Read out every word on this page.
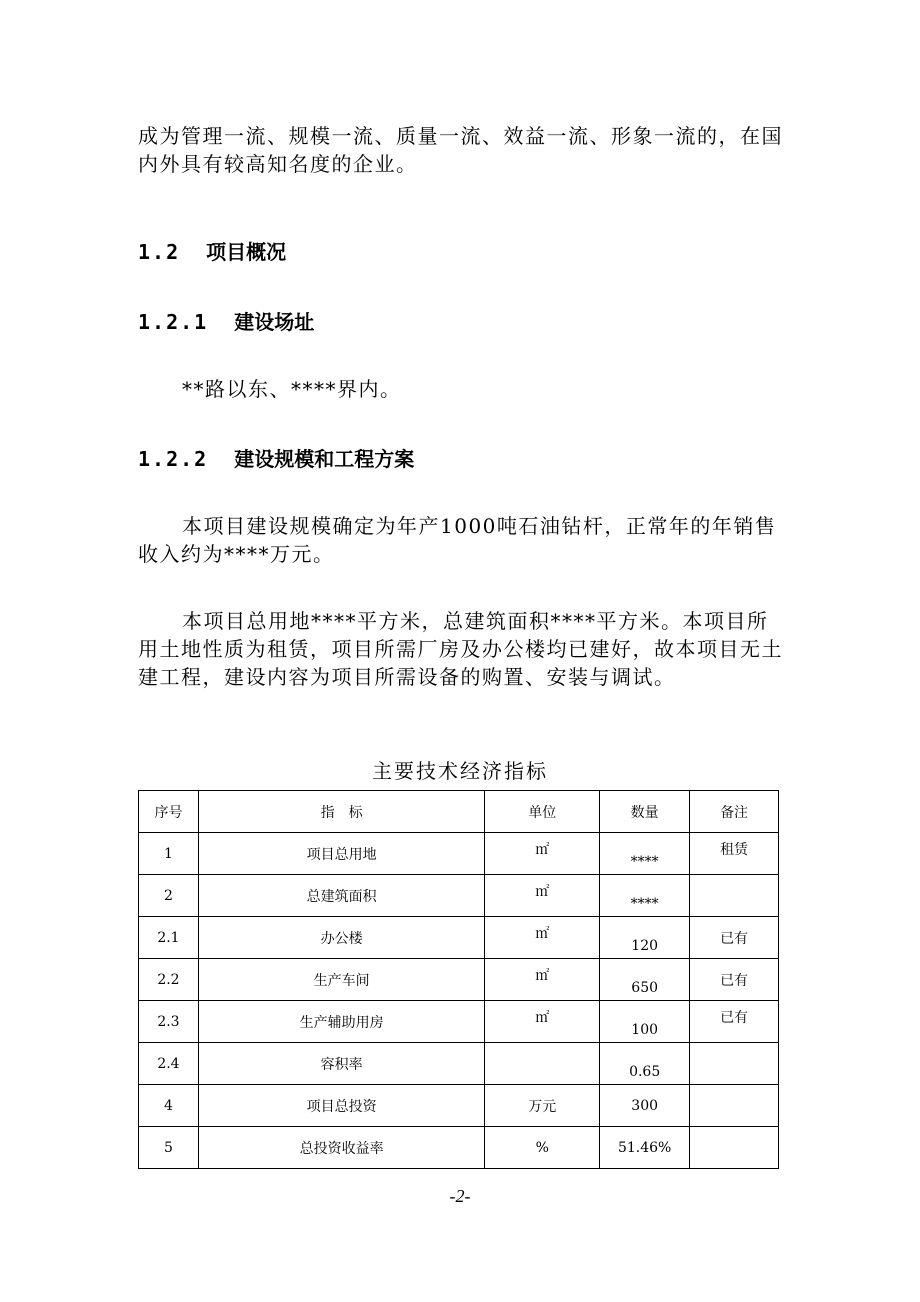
成为管理一流、规模一流、质量一流、效益一流、形象一流的，在国内外具有较高知名度的企业。

1.2 项目概况

1.2.1 建设场址

**路以东、****界内。

1.2.2 建设规模和工程方案

本项目建设规模确定为年产1000吨石油钻杆，正常年的年销售收入约为****万元。

本项目总用地****平方米，总建筑面积****平方米。本项目所用土地性质为租赁，项目所需厂房及办公楼均已建好，故本项目无土建工程，建设内容为项目所需设备的购置、安装与调试。

主要技术经济指标
序号	指　标	单位	数量	备注
1	项目总用地	㎡	****	租赁
2	总建筑面积	㎡	****	
2.1	办公楼	㎡	120	已有
2.2	生产车间	㎡	650	已有
2.3	生产辅助用房	㎡	100	已有
2.4	容积率		0.65	
4	项目总投资	万元	300	
5	总投资收益率	%	51.46%	
-2-
